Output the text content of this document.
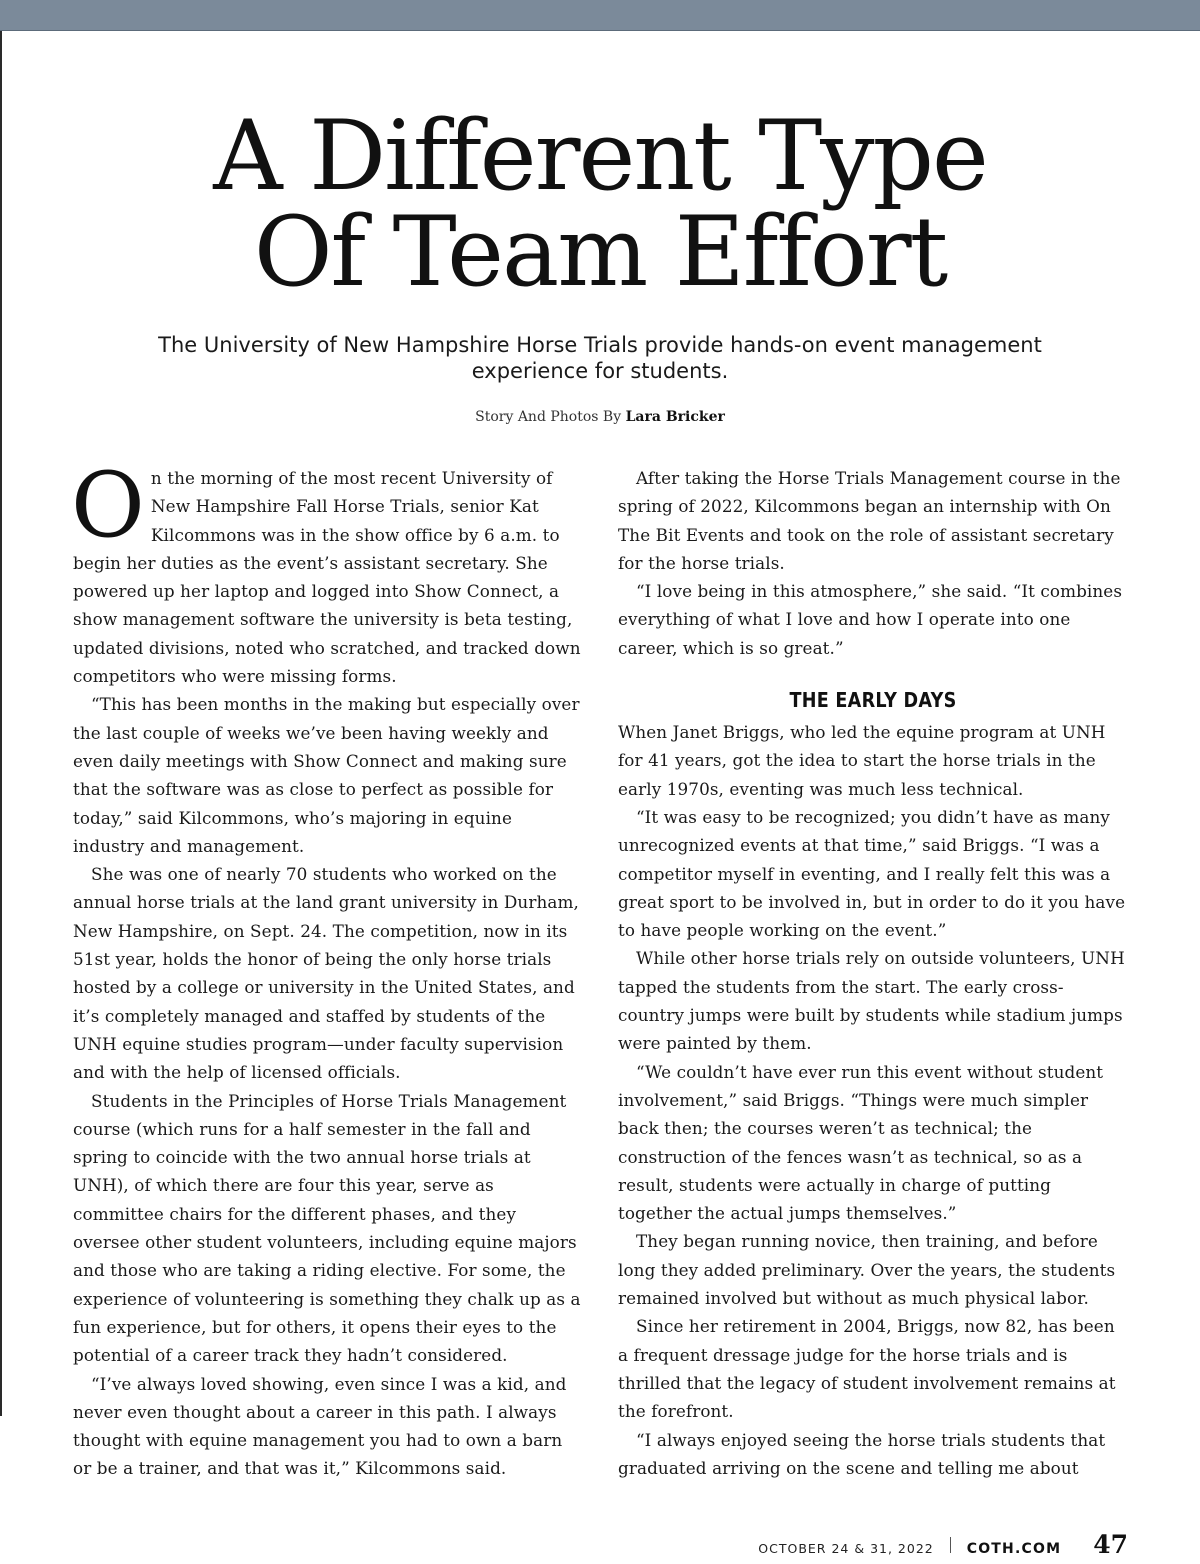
A Different Type
Of Team Effort

The University of New Hampshire Horse Trials provide hands-on event management experience for students.

Story And Photos By Lara Bricker

On the morning of the most recent University of New Hampshire Fall Horse Trials, senior Kat Kilcommons was in the show office by 6 a.m. to begin her duties as the event’s assistant secretary. She powered up her laptop and logged into Show Connect, a show management software the university is beta testing, updated divisions, noted who scratched, and tracked down competitors who were missing forms.

“This has been months in the making but especially over the last couple of weeks we’ve been having weekly and even daily meetings with Show Connect and making sure that the software was as close to perfect as possible for today,” said Kilcommons, who’s majoring in equine industry and management.

She was one of nearly 70 students who worked on the annual horse trials at the land grant university in Durham, New Hampshire, on Sept. 24. The competition, now in its 51st year, holds the honor of being the only horse trials hosted by a college or university in the United States, and it’s completely managed and staffed by students of the UNH equine studies program—under faculty supervision and with the help of licensed officials.

Students in the Principles of Horse Trials Management course (which runs for a half semester in the fall and spring to coincide with the two annual horse trials at UNH), of which there are four this year, serve as committee chairs for the different phases, and they oversee other student volunteers, including equine majors and those who are taking a riding elective. For some, the experience of volunteering is something they chalk up as a fun experience, but for others, it opens their eyes to the potential of a career track they hadn’t considered.

“I’ve always loved showing, even since I was a kid, and never even thought about a career in this path. I always thought with equine management you had to own a barn or be a trainer, and that was it,” Kilcommons said.

After taking the Horse Trials Management course in the spring of 2022, Kilcommons began an internship with On The Bit Events and took on the role of assistant secretary for the horse trials.

“I love being in this atmosphere,” she said. “It combines everything of what I love and how I operate into one career, which is so great.”

THE EARLY DAYS

When Janet Briggs, who led the equine program at UNH for 41 years, got the idea to start the horse trials in the early 1970s, eventing was much less technical.

“It was easy to be recognized; you didn’t have as many unrecognized events at that time,” said Briggs. “I was a competitor myself in eventing, and I really felt this was a great sport to be involved in, but in order to do it you have to have people working on the event.”

While other horse trials rely on outside volunteers, UNH tapped the students from the start. The early cross-country jumps were built by students while stadium jumps were painted by them.

“We couldn’t have ever run this event without student involvement,” said Briggs. “Things were much simpler back then; the courses weren’t as technical; the construction of the fences wasn’t as technical, so as a result, students were actually in charge of putting together the actual jumps themselves.”

They began running novice, then training, and before long they added preliminary. Over the years, the students remained involved but without as much physical labor.

Since her retirement in 2004, Briggs, now 82, has been a frequent dressage judge for the horse trials and is thrilled that the legacy of student involvement remains at the forefront.

“I always enjoyed seeing the horse trials students that graduated arriving on the scene and telling me about

OCTOBER 24 & 31, 2022 COTH.COM 47
